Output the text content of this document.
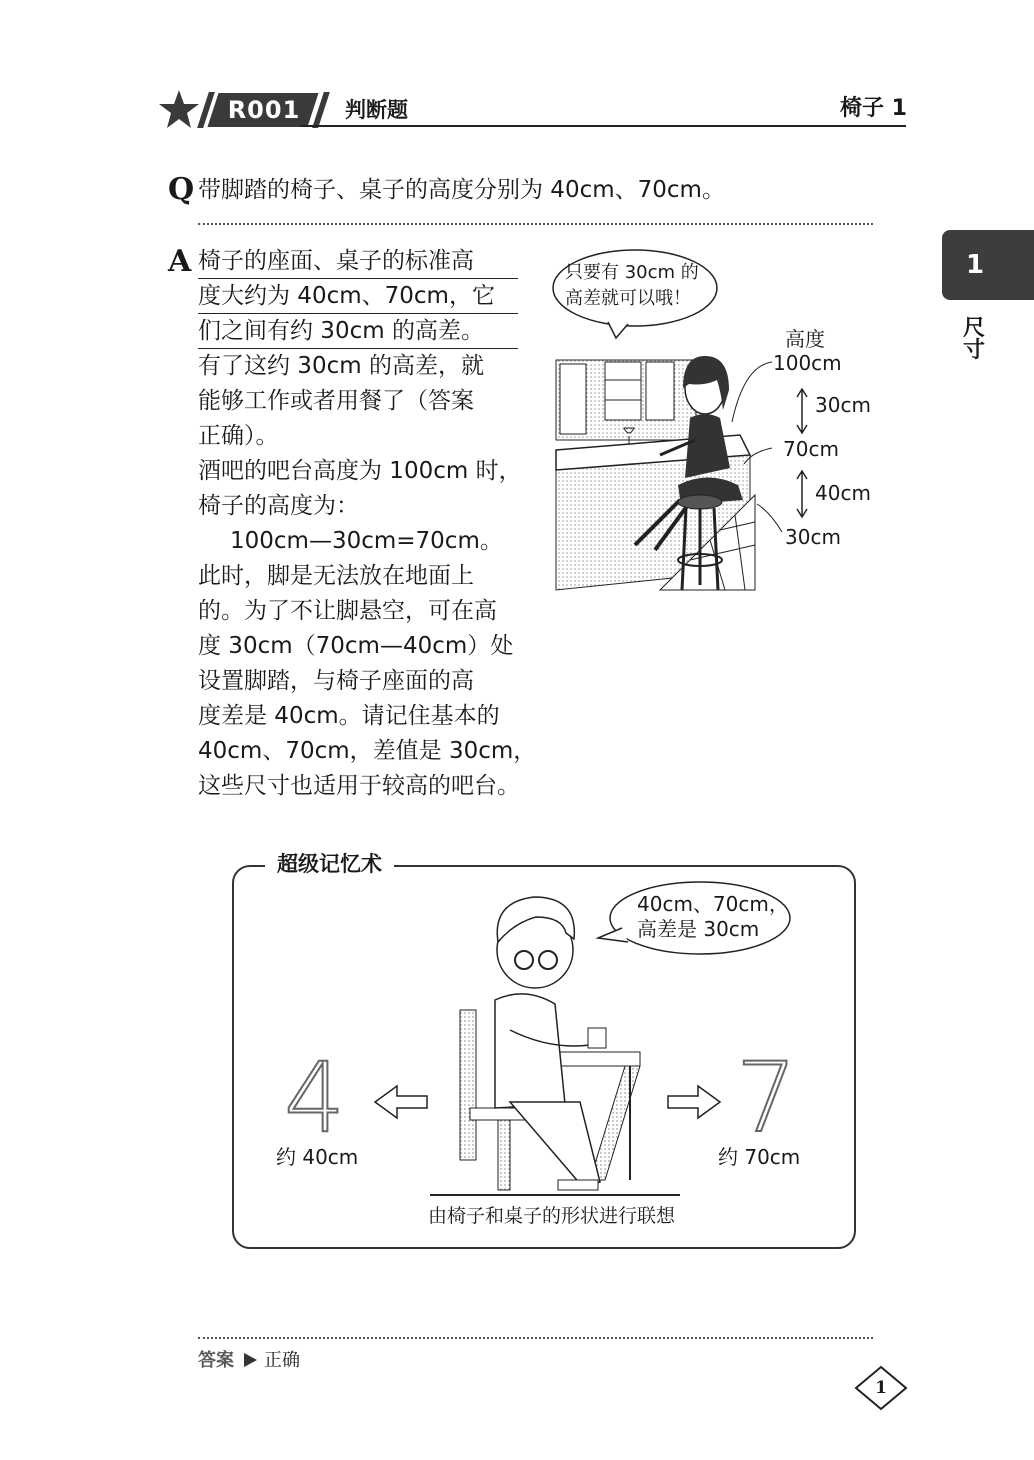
R001 判断题	椅子 1
1
尺寸
Q 带脚踏的椅子、桌子的高度分别为 40cm、70cm。
A 椅子的座面、桌子的标准高
度大约为 40cm、70cm，它
们之间有约 30cm 的高差。
有了这约 30cm 的高差，就
能够工作或者用餐了（答案
正确）。
酒吧的吧台高度为 100cm 时，
椅子的高度为：
100cm—30cm=70cm。
此时，脚是无法放在地面上
的。为了不让脚悬空，可在高
度 30cm（70cm—40cm）处
设置脚踏，与椅子座面的高
度差是 40cm。请记住基本的
40cm、70cm，差值是 30cm，
这些尺寸也适用于较高的吧台。
只要有 30cm 的
高差就可以哦！
高度
100cm
30cm
70cm
40cm
30cm
超级记忆术
40cm、70cm，
高差是 30cm
4	7
约 40cm	约 70cm
由椅子和桌子的形状进行联想
答案 正确
1
